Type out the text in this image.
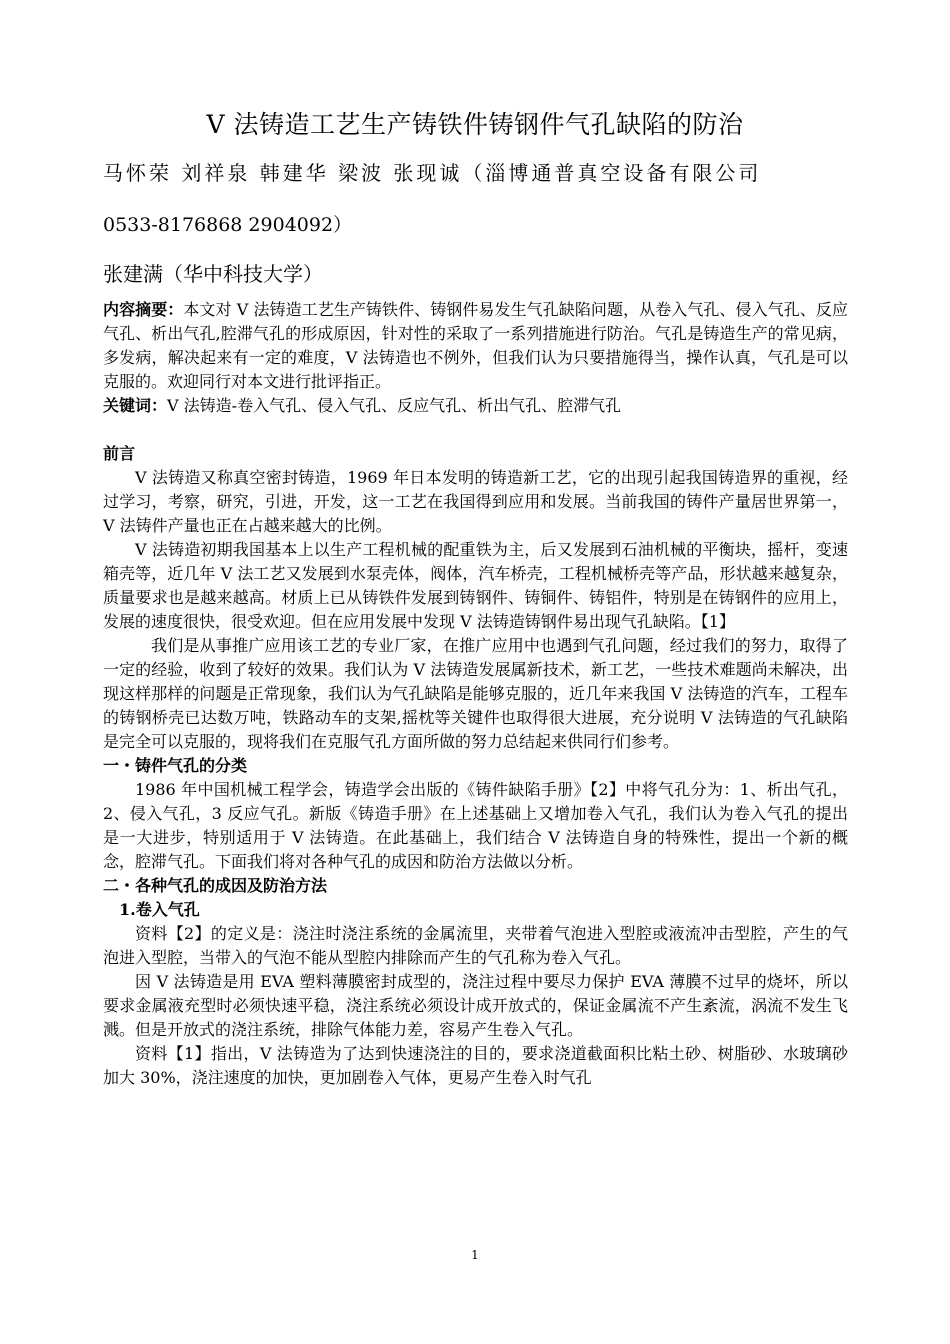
V 法铸造工艺生产铸铁件铸钢件气孔缺陷的防治
马怀荣 刘祥泉 韩建华 梁波 张现诚（淄博通普真空设备有限公司
0533-8176868 2904092）
张建满（华中科技大学）

内容摘要：本文对 V 法铸造工艺生产铸铁件、铸钢件易发生气孔缺陷问题，从卷入气孔、侵入气孔、反应气孔、析出气孔,腔滞气孔的形成原因，针对性的采取了一系列措施进行防治。气孔是铸造生产的常见病，多发病，解决起来有一定的难度，V 法铸造也不例外，但我们认为只要措施得当，操作认真，气孔是可以克服的。欢迎同行对本文进行批评指正。

关键词：V 法铸造-卷入气孔、侵入气孔、反应气孔、析出气孔、腔滞气孔

前言

V 法铸造又称真空密封铸造，1969 年日本发明的铸造新工艺，它的出现引起我国铸造界的重视，经过学习，考察，研究，引进，开发，这一工艺在我国得到应用和发展。当前我国的铸件产量居世界第一，V 法铸件产量也正在占越来越大的比例。

V 法铸造初期我国基本上以生产工程机械的配重铁为主，后又发展到石油机械的平衡块，摇杆，变速箱壳等，近几年 V 法工艺又发展到水泵壳体，阀体，汽车桥壳，工程机械桥壳等产品，形状越来越复杂，质量要求也是越来越高。材质上已从铸铁件发展到铸钢件、铸铜件、铸铝件，特别是在铸钢件的应用上，发展的速度很快，很受欢迎。但在应用发展中发现 V 法铸造铸钢件易出现气孔缺陷。【1】

我们是从事推广应用该工艺的专业厂家，在推广应用中也遇到气孔问题，经过我们的努力，取得了一定的经验，收到了较好的效果。我们认为 V 法铸造发展属新技术，新工艺，一些技术难题尚未解决，出现这样那样的问题是正常现象，我们认为气孔缺陷是能够克服的，近几年来我国 V 法铸造的汽车，工程车的铸钢桥壳已达数万吨，铁路动车的支架,摇枕等关键件也取得很大进展，充分说明 V 法铸造的气孔缺陷是完全可以克服的，现将我们在克服气孔方面所做的努力总结起来供同行们参考。

一・铸件气孔的分类

1986 年中国机械工程学会，铸造学会出版的《铸件缺陷手册》【2】中将气孔分为：1、析出气孔，2、侵入气孔，3 反应气孔。新版《铸造手册》在上述基础上又增加卷入气孔，我们认为卷入气孔的提出是一大进步，特别适用于 V 法铸造。在此基础上，我们结合 V 法铸造自身的特殊性，提出一个新的概念，腔滞气孔。下面我们将对各种气孔的成因和防治方法做以分析。

二・各种气孔的成因及防治方法

1.卷入气孔

资料【2】的定义是：浇注时浇注系统的金属流里，夹带着气泡进入型腔或液流冲击型腔，产生的气泡进入型腔，当带入的气泡不能从型腔内排除而产生的气孔称为卷入气孔。

因 V 法铸造是用 EVA 塑料薄膜密封成型的，浇注过程中要尽力保护 EVA 薄膜不过早的烧坏，所以要求金属液充型时必须快速平稳，浇注系统必须设计成开放式的，保证金属流不产生紊流，涡流不发生飞溅。但是开放式的浇注系统，排除气体能力差，容易产生卷入气孔。

资料【1】指出，V 法铸造为了达到快速浇注的目的，要求浇道截面积比粘土砂、树脂砂、水玻璃砂加大 30%，浇注速度的加快，更加剧卷入气体，更易产生卷入时气孔

1
